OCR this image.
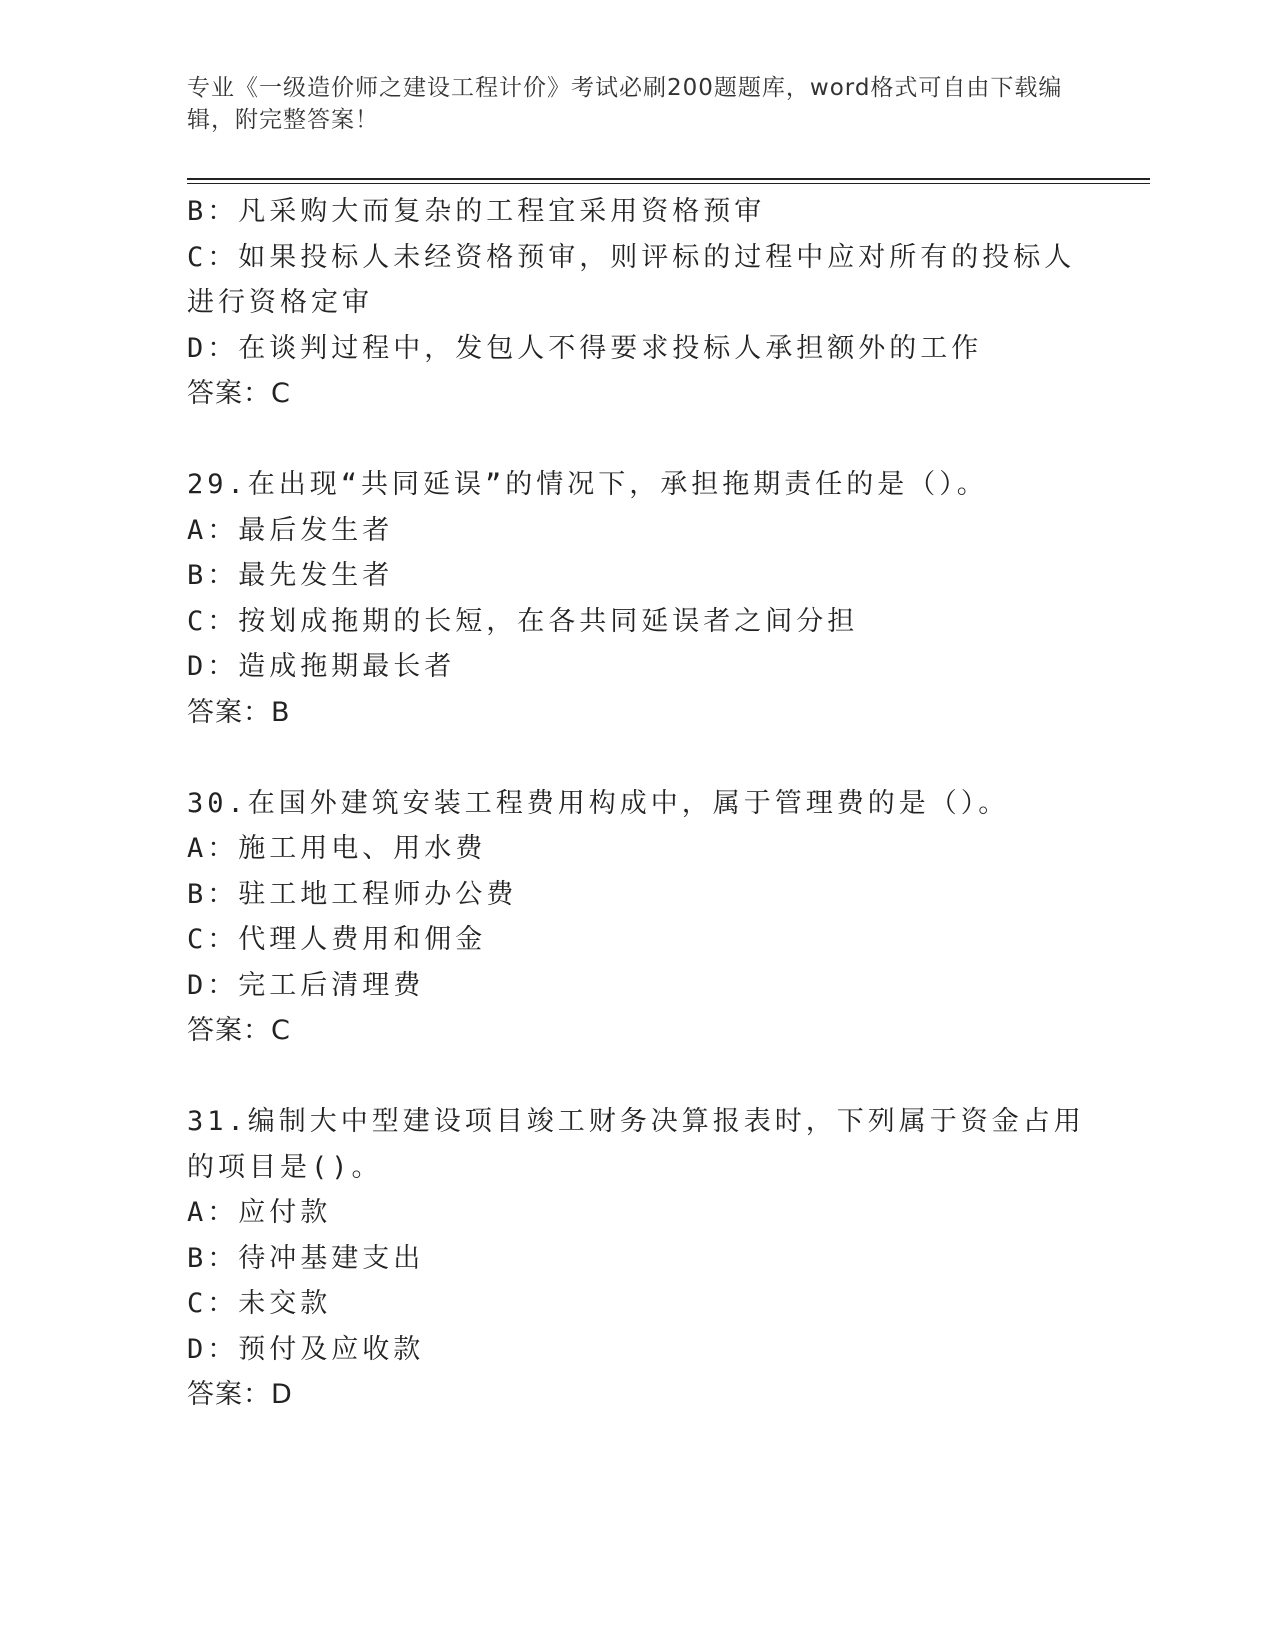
专业《一级造价师之建设工程计价》考试必刷200题题库，word格式可自由下载编辑，附完整答案！
B：凡采购大而复杂的工程宜采用资格预审
C：如果投标人未经资格预审，则评标的过程中应对所有的投标人进行资格定审
D：在谈判过程中，发包人不得要求投标人承担额外的工作
答案：C
29.在出现“共同延误”的情况下，承担拖期责任的是（）。
A：最后发生者
B：最先发生者
C：按划成拖期的长短，在各共同延误者之间分担
D：造成拖期最长者
答案：B
30.在国外建筑安装工程费用构成中，属于管理费的是（）。
A：施工用电、用水费
B：驻工地工程师办公费
C：代理人费用和佣金
D：完工后清理费
答案：C
31.编制大中型建设项目竣工财务决算报表时，下列属于资金占用的项目是()。
A：应付款
B：待冲基建支出
C：未交款
D：预付及应收款
答案：D
